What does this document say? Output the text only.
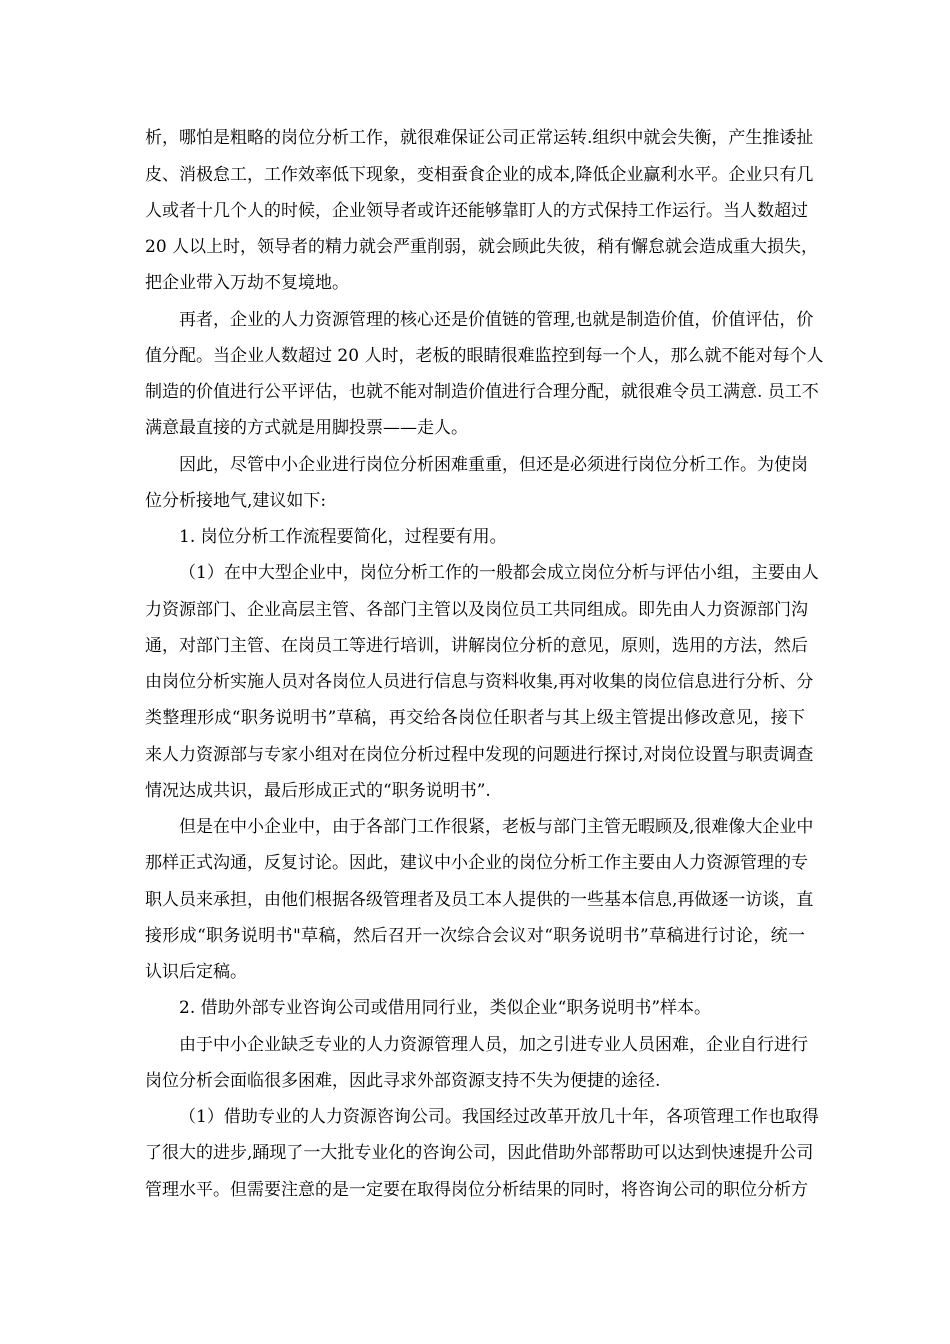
析，哪怕是粗略的岗位分析工作，就很难保证公司正常运转.组织中就会失衡，产生推诿扯
皮、消极怠工，工作效率低下现象，变相蚕食企业的成本,降低企业赢利水平。企业只有几
人或者十几个人的时候，企业领导者或许还能够靠盯人的方式保持工作运行。当人数超过
20 人以上时，领导者的精力就会严重削弱，就会顾此失彼，稍有懈怠就会造成重大损失，
把企业带入万劫不复境地。
再者，企业的人力资源管理的核心还是价值链的管理,也就是制造价值，价值评估，价
值分配。当企业人数超过 20 人时，老板的眼睛很难监控到每一个人，那么就不能对每个人
制造的价值进行公平评估，也就不能对制造价值进行合理分配，就很难令员工满意. 员工不
满意最直接的方式就是用脚投票——走人。
因此，尽管中小企业进行岗位分析困难重重，但还是必须进行岗位分析工作。为使岗
位分析接地气,建议如下:
1. 岗位分析工作流程要简化，过程要有用。
（1）在中大型企业中，岗位分析工作的一般都会成立岗位分析与评估小组，主要由人
力资源部门、企业高层主管、各部门主管以及岗位员工共同组成。即先由人力资源部门沟
通，对部门主管、在岗员工等进行培训，讲解岗位分析的意见，原则，选用的方法，然后
由岗位分析实施人员对各岗位人员进行信息与资料收集,再对收集的岗位信息进行分析、分
类整理形成“职务说明书”草稿，再交给各岗位任职者与其上级主管提出修改意见，接下
来人力资源部与专家小组对在岗位分析过程中发现的问题进行探讨,对岗位设置与职责调查
情况达成共识，最后形成正式的“职务说明书”.
但是在中小企业中，由于各部门工作很紧，老板与部门主管无暇顾及,很难像大企业中
那样正式沟通，反复讨论。因此，建议中小企业的岗位分析工作主要由人力资源管理的专
职人员来承担，由他们根据各级管理者及员工本人提供的一些基本信息,再做逐一访谈，直
接形成“职务说明书"草稿，然后召开一次综合会议对“职务说明书”草稿进行讨论，统一
认识后定稿。
2. 借助外部专业咨询公司或借用同行业，类似企业“职务说明书”样本。
由于中小企业缺乏专业的人力资源管理人员，加之引进专业人员困难，企业自行进行
岗位分析会面临很多困难，因此寻求外部资源支持不失为便捷的途径.
（1）借助专业的人力资源咨询公司。我国经过改革开放几十年，各项管理工作也取得
了很大的进步,踊现了一大批专业化的咨询公司，因此借助外部帮助可以达到快速提升公司
管理水平。但需要注意的是一定要在取得岗位分析结果的同时，将咨询公司的职位分析方
